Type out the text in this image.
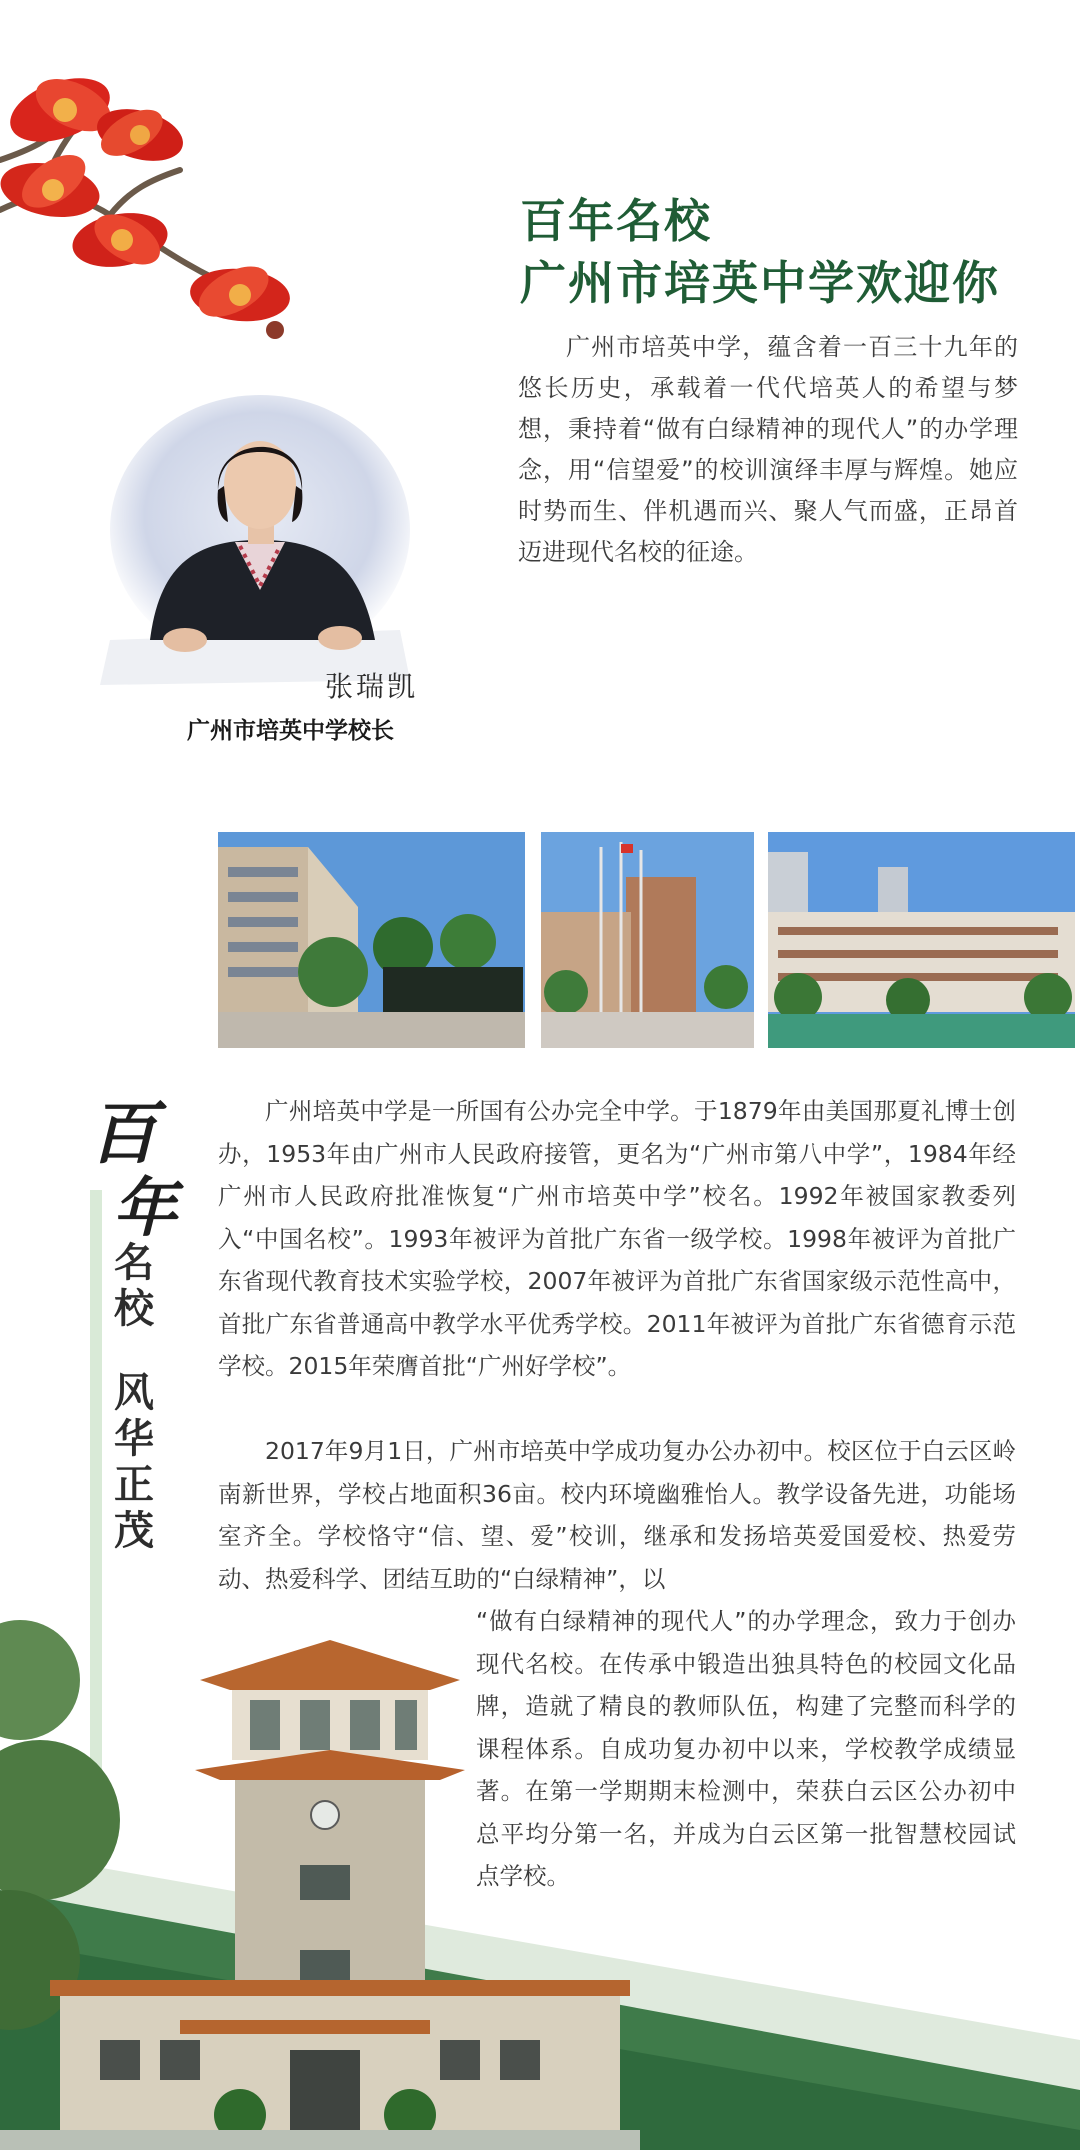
百年名校
广州市培英中学欢迎你
广州市培英中学，蕴含着一百三十九年的悠长历史，承载着一代代培英人的希望与梦想，秉持着“做有白绿精神的现代人”的办学理念，用“信望爱”的校训演绎丰厚与辉煌。她应时势而生、伴机遇而兴、聚人气而盛，正昂首迈进现代名校的征途。
张瑞凯
广州市培英中学校长
百
年
名校
风华正茂
广州培英中学是一所国有公办完全中学。于1879年由美国那夏礼博士创办，1953年由广州市人民政府接管，更名为“广州市第八中学”，1984年经广州市人民政府批准恢复“广州市培英中学”校名。1992年被国家教委列入“中国名校”。1993年被评为首批广东省一级学校。1998年被评为首批广东省现代教育技术实验学校，2007年被评为首批广东省国家级示范性高中，首批广东省普通高中教学水平优秀学校。2011年被评为首批广东省德育示范学校。2015年荣膺首批“广州好学校”。
2017年9月1日，广州市培英中学成功复办公办初中。校区位于白云区岭南新世界，学校占地面积36亩。校内环境幽雅怡人。教学设备先进，功能场室齐全。学校恪守“信、望、爱”校训，继承和发扬培英爱国爱校、热爱劳动、热爱科学、团结互助的“白绿精神”，以
“做有白绿精神的现代人”的办学理念，致力于创办现代名校。在传承中锻造出独具特色的校园文化品牌，造就了精良的教师队伍，构建了完整而科学的课程体系。自成功复办初中以来，学校教学成绩显著。在第一学期期末检测中，荣获白云区公办初中总平均分第一名，并成为白云区第一批智慧校园试点学校。
